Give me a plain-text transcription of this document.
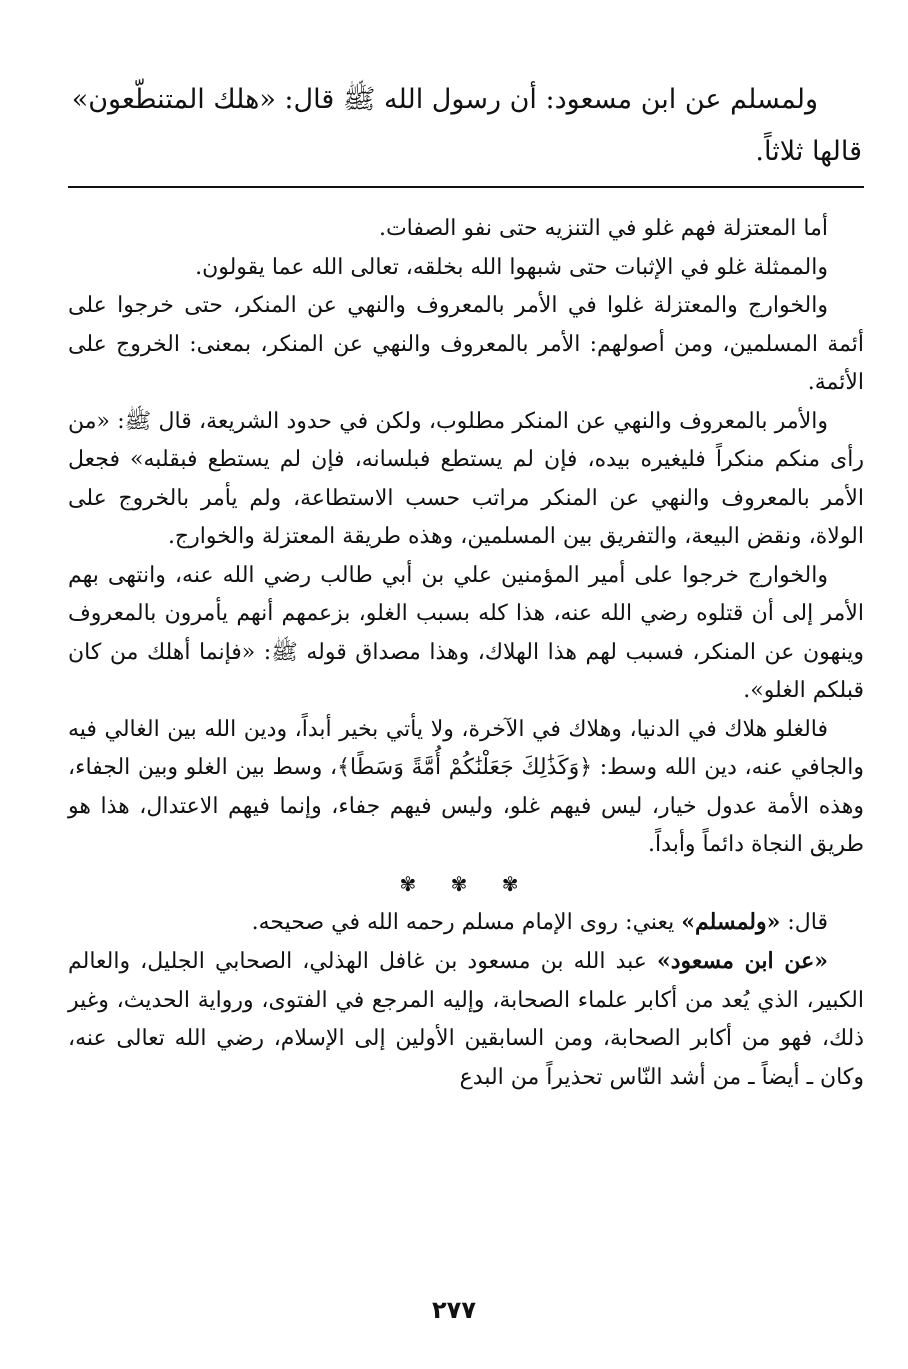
ولمسلم عن ابن مسعود: أن رسول الله ﷺ قال: «هلك المتنطّعون»

قالها ثلاثاً.

أما المعتزلة فهم غلو في التنزيه حتى نفو الصفات.

والممثلة غلو في الإثبات حتى شبهوا الله بخلقه، تعالى الله عما يقولون.

والخوارج والمعتزلة غلوا في الأمر بالمعروف والنهي عن المنكر، حتى خرجوا على أئمة المسلمين، ومن أصولهم: الأمر بالمعروف والنهي عن المنكر، بمعنى: الخروج على الأئمة.

والأمر بالمعروف والنهي عن المنكر مطلوب، ولكن في حدود الشريعة، قال ﷺ: «من رأى منكم منكراً فليغيره بيده، فإن لم يستطع فبلسانه، فإن لم يستطع فبقلبه» فجعل الأمر بالمعروف والنهي عن المنكر مراتب حسب الاستطاعة، ولم يأمر بالخروج على الولاة، ونقض البيعة، والتفريق بين المسلمين، وهذه طريقة المعتزلة والخوارج.

والخوارج خرجوا على أمير المؤمنين علي بن أبي طالب رضي الله عنه، وانتهى بهم الأمر إلى أن قتلوه رضي الله عنه، هذا كله بسبب الغلو، بزعمهم أنهم يأمرون بالمعروف وينهون عن المنكر، فسبب لهم هذا الهلاك، وهذا مصداق قوله ﷺ: «فإنما أهلك من كان قبلكم الغلو».

فالغلو هلاك في الدنيا، وهلاك في الآخرة، ولا يأتي بخير أبداً، ودين الله بين الغالي فيه والجافي عنه، دين الله وسط: ﴿وَكَذَٰلِكَ جَعَلْنَٰكُمْ أُمَّةً وَسَطًا﴾، وسط بين الغلو وبين الجفاء، وهذه الأمة عدول خيار، ليس فيهم غلو، وليس فيهم جفاء، وإنما فيهم الاعتدال، هذا هو طريق النجاة دائماً وأبداً.

✾ ✾ ✾

قال: «ولمسلم» يعني: روى الإمام مسلم رحمه الله في صحيحه.

«عن ابن مسعود» عبد الله بن مسعود بن غافل الهذلي، الصحابي الجليل، والعالم الكبير، الذي يُعد من أكابر علماء الصحابة، وإليه المرجع في الفتوى، ورواية الحديث، وغير ذلك، فهو من أكابر الصحابة، ومن السابقين الأولين إلى الإسلام، رضي الله تعالى عنه، وكان ـ أيضاً ـ من أشد النّاس تحذيراً من البدع

٢٧٧
